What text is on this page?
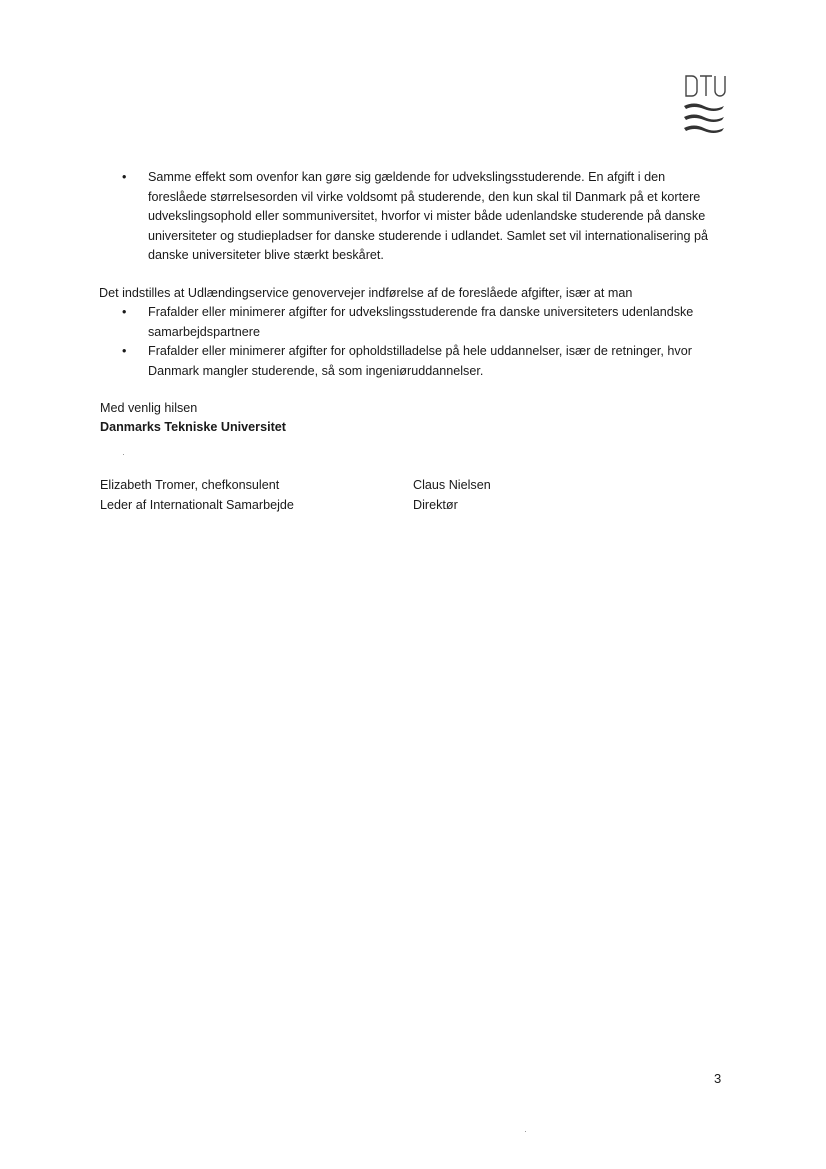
• Samme effekt som ovenfor kan gøre sig gældende for udvekslingsstuderende. En afgift i den foreslåede størrelsesorden vil virke voldsomt på studerende, den kun skal til Danmark på et kortere udvekslingsophold eller sommuniversitet, hvorfor vi mister både udenlandske studerende på danske universiteter og studiepladser for danske studerende i udlandet. Samlet set vil internationalisering på danske universiteter blive stærkt beskåret.
Det indstilles at Udlændingservice genovervejer indførelse af de foreslåede afgifter, især at man
• Frafalder eller minimerer afgifter for udvekslingsstuderende fra danske universiteters udenlandske samarbejdspartnere
• Frafalder eller minimerer afgifter for opholdstilladelse på hele uddannelser, især de retninger, hvor Danmark mangler studerende, så som ingeniøruddannelser.
Med venlig hilsen
Danmarks Tekniske Universitet
Elizabeth Tromer, chefkonsulent
Leder af Internationalt Samarbejde
Claus Nielsen
Direktør
3
